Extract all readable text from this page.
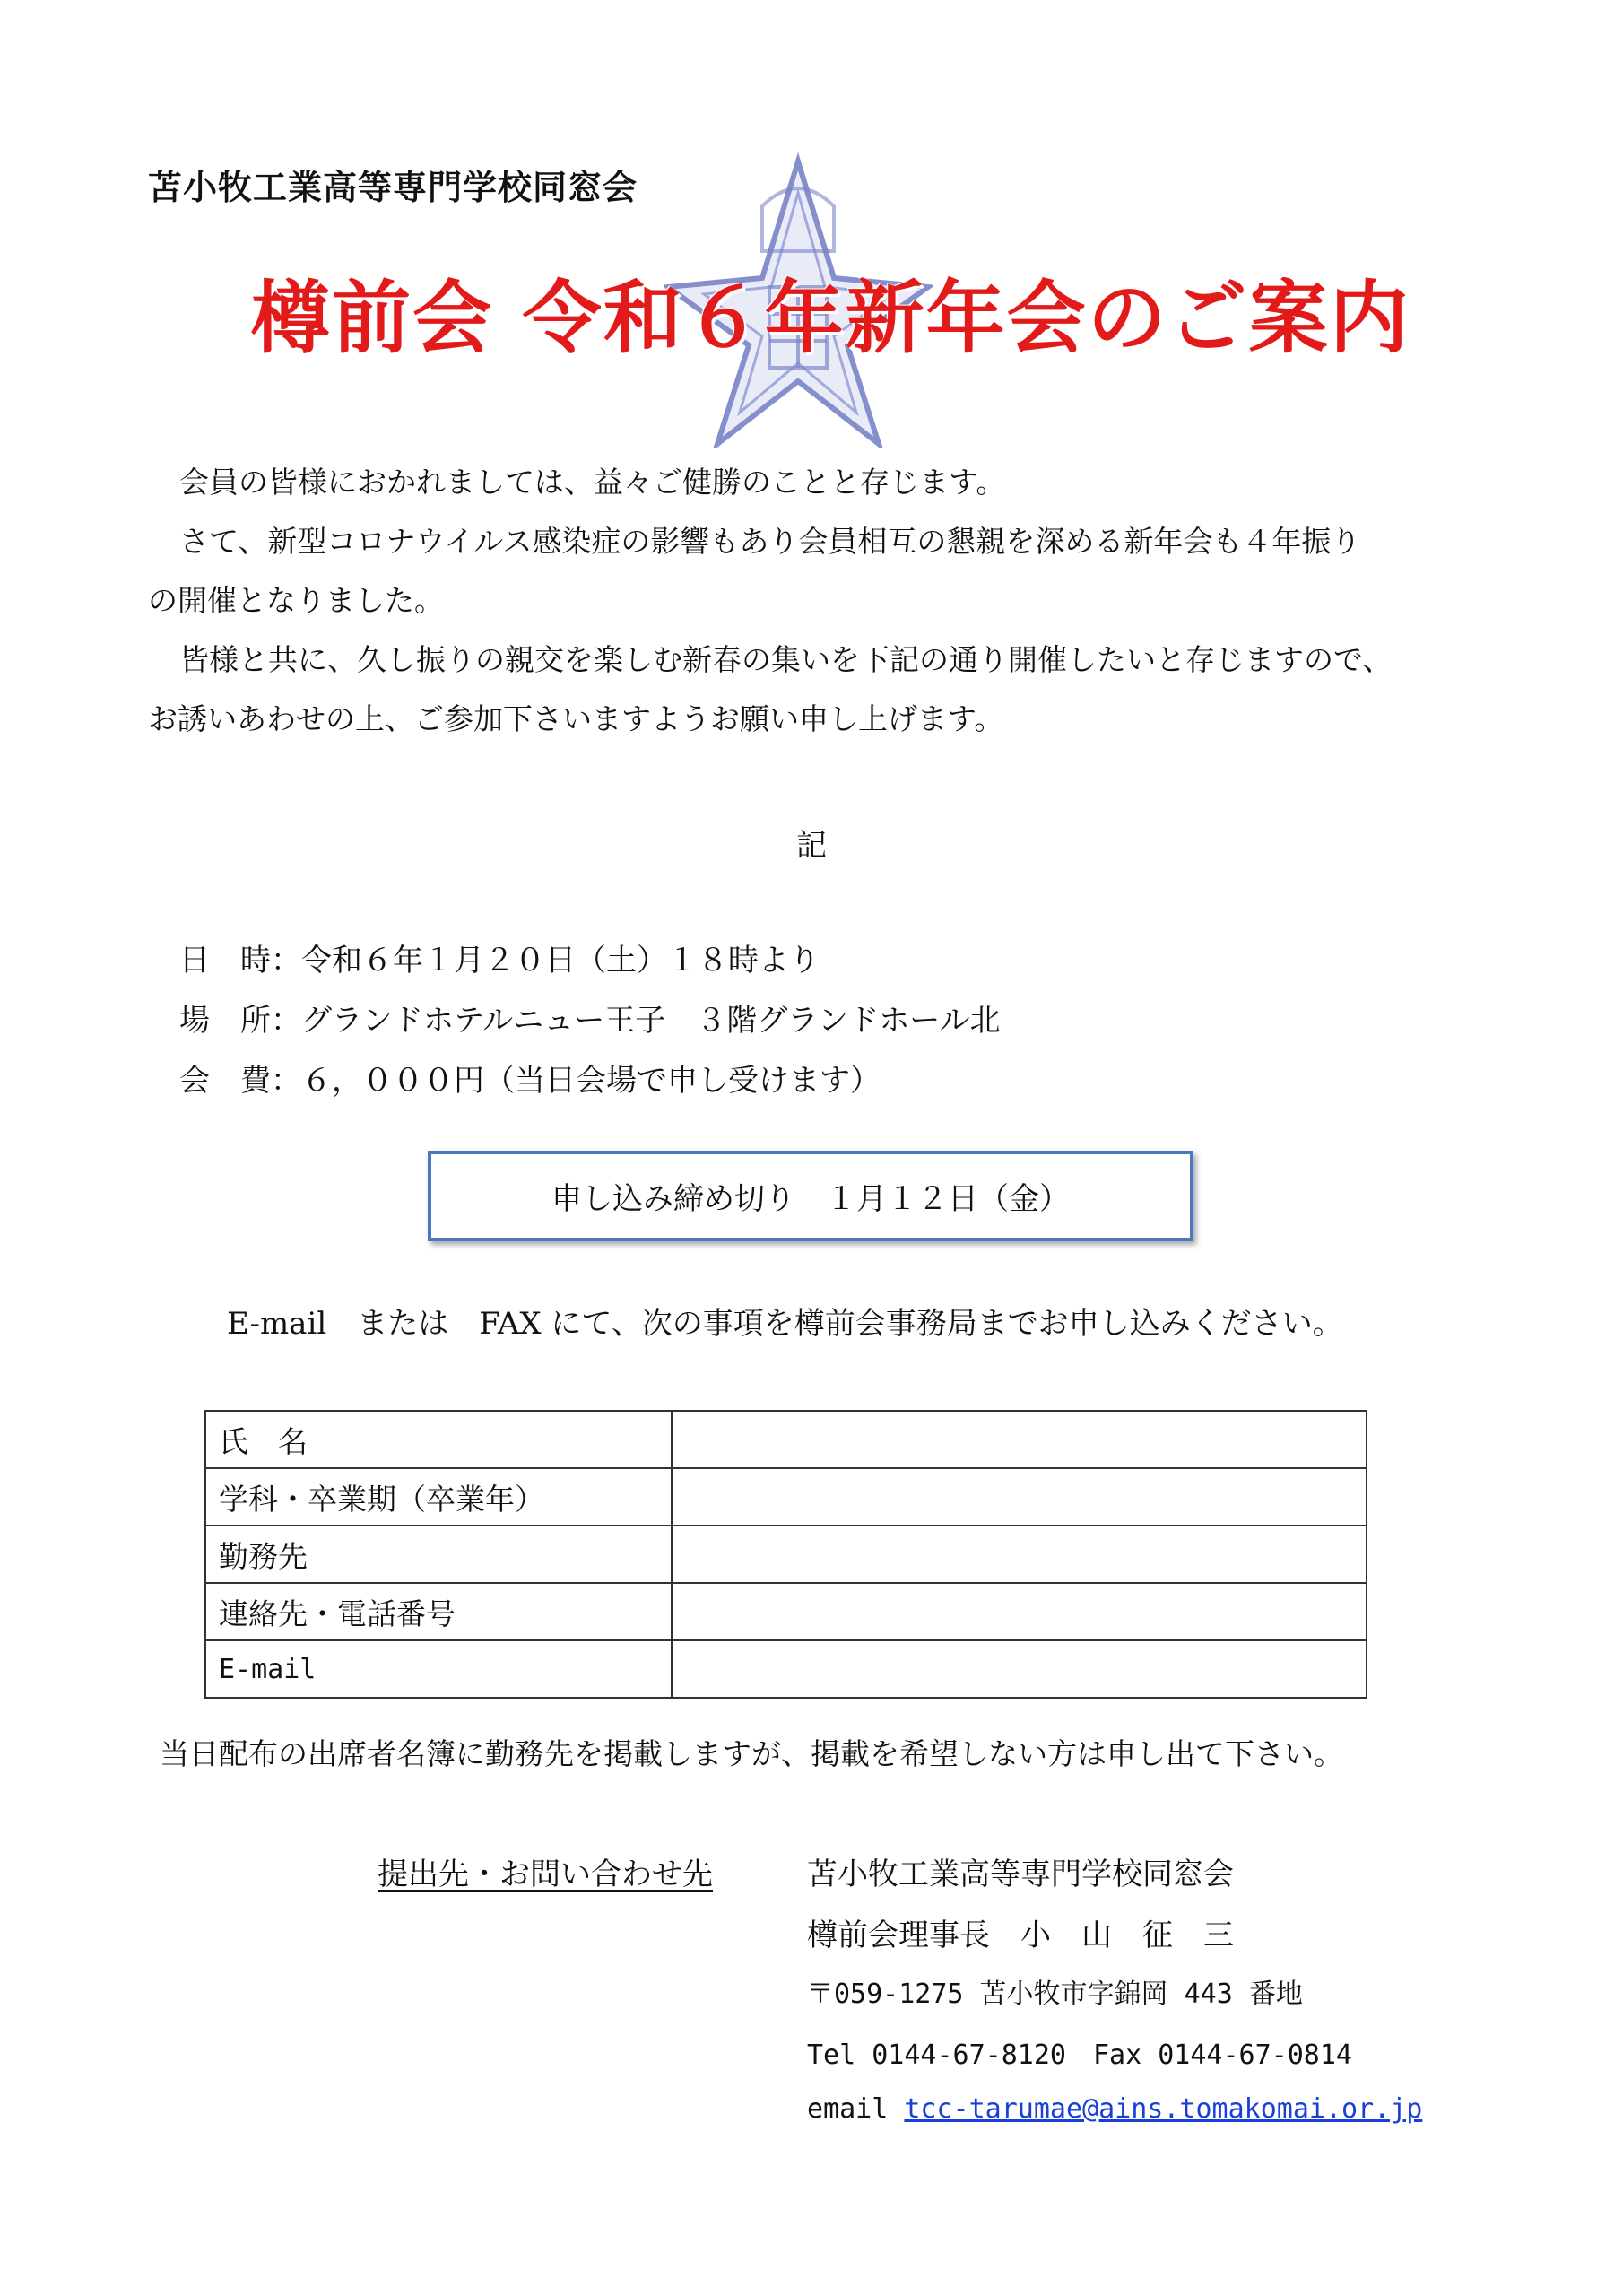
苫小牧工業高等専門学校同窓会
樽前会 令和６年新年会のご案内
会員の皆様におかれましては、益々ご健勝のことと存じます。
さて、新型コロナウイルス感染症の影響もあり会員相互の懇親を深める新年会も４年振り
の開催となりました。
皆様と共に、久し振りの親交を楽しむ新春の集いを下記の通り開催したいと存じますので、
お誘いあわせの上、ご参加下さいますようお願い申し上げます。
記
日　時：令和６年１月２０日（土）１８時より
場　所：グランドホテルニュー王子　３階グランドホール北
会　費：６，０００円（当日会場で申し受けます）
申し込み締め切り　１月１２日（金）
E-mail　または　FAX にて、次の事項を樽前会事務局までお申し込みください。
氏　名	
学科・卒業期（卒業年）	
勤務先	
連絡先・電話番号	
E-mail	
当日配布の出席者名簿に勤務先を掲載しますが、掲載を希望しない方は申し出て下さい。
提出先・お問い合わせ先	苫小牧工業高等専門学校同窓会
樽前会理事長　小　山　征　三
〒059-1275 苫小牧市字錦岡 443 番地
Tel 0144-67-8120　Fax 0144-67-0814
email tcc-tarumae@ains.tomakomai.or.jp
